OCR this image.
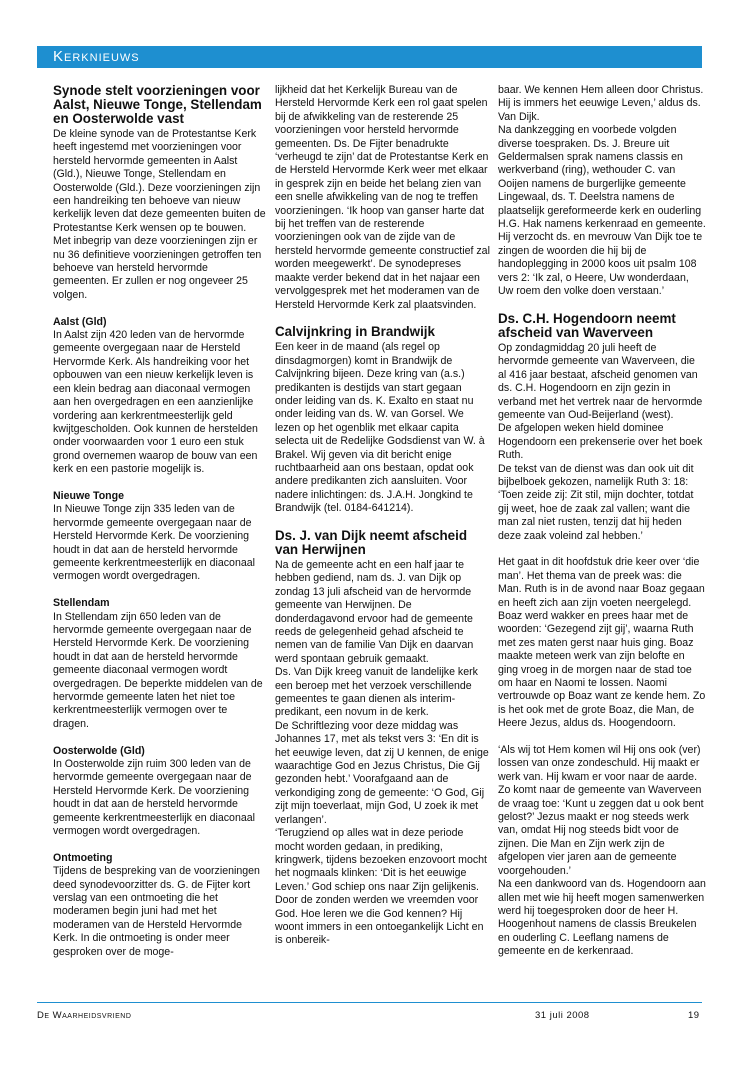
Kerknieuws
Synode stelt voorzieningen voor Aalst, Nieuwe Tonge, Stellendam en Oosterwolde vast

De kleine synode van de Protestantse Kerk heeft ingestemd met voorzieningen voor hersteld hervormde gemeenten in Aalst (Gld.), Nieuwe Tonge, Stellendam en Oosterwolde (Gld.). Deze voorzieningen zijn een handreiking ten behoeve van nieuw kerkelijk leven dat deze gemeenten buiten de Protestantse Kerk wensen op te bouwen. Met inbegrip van deze voorzieningen zijn er nu 36 definitieve voorzieningen getroffen ten behoeve van hersteld hervormde gemeenten. Er zullen er nog ongeveer 25 volgen.

Aalst (Gld)

In Aalst zijn 420 leden van de hervormde gemeente overgegaan naar de Hersteld Hervormde Kerk. Als handreiking voor het opbouwen van een nieuw kerkelijk leven is een klein bedrag aan diaconaal vermogen aan hen overgedragen en een aanzienlijke vordering aan kerkrentmeesterlijk geld kwijtgescholden. Ook kunnen de herstelden onder voorwaarden voor 1 euro een stuk grond overnemen waarop de bouw van een kerk en een pastorie mogelijk is.

Nieuwe Tonge

In Nieuwe Tonge zijn 335 leden van de hervormde gemeente overgegaan naar de Hersteld Hervormde Kerk. De voorziening houdt in dat aan de hersteld hervormde gemeente kerkrentmeesterlijk en diaconaal vermogen wordt overgedragen.

Stellendam

In Stellendam zijn 650 leden van de hervormde gemeente overgegaan naar de Hersteld Hervormde Kerk. De voorziening houdt in dat aan de hersteld hervormde gemeente diaconaal vermogen wordt overgedragen. De beperkte middelen van de hervormde gemeente laten het niet toe kerkrentmeesterlijk vermogen over te dragen.

Oosterwolde (Gld)

In Oosterwolde zijn ruim 300 leden van de hervormde gemeente overgegaan naar de Hersteld Hervormde Kerk. De voorziening houdt in dat aan de hersteld hervormde gemeente kerkrentmeesterlijk en diaconaal vermogen wordt overgedragen.

Ontmoeting

Tijdens de bespreking van de voorzieningen deed synodevoorzitter ds. G. de Fijter kort verslag van een ontmoeting die het moderamen begin juni had met het moderamen van de Hersteld Hervormde Kerk. In die ontmoeting is onder meer gesproken over de moge-

lijkheid dat het Kerkelijk Bureau van de Hersteld Hervormde Kerk een rol gaat spelen bij de afwikkeling van de resterende 25 voorzieningen voor hersteld hervormde gemeenten. Ds. De Fijter benadrukte ‘verheugd te zijn’ dat de Protestantse Kerk en de Hersteld Hervormde Kerk weer met elkaar in gesprek zijn en beide het belang zien van een snelle afwikkeling van de nog te treffen voorzieningen. ‘Ik hoop van ganser harte dat bij het treffen van de resterende voorzieningen ook van de zijde van de hersteld hervormde gemeente constructief zal worden meegewerkt’. De synodepreses maakte verder bekend dat in het najaar een vervolggesprek met het moderamen van de Hersteld Hervormde Kerk zal plaatsvinden.

Calvijnkring in Brandwijk

Een keer in de maand (als regel op dinsdagmorgen) komt in Brandwijk de Calvijnkring bijeen. Deze kring van (a.s.) predikanten is destijds van start gegaan onder leiding van ds. K. Exalto en staat nu onder leiding van ds. W. van Gorsel. We lezen op het ogenblik met elkaar capita selecta uit de Redelijke Godsdienst van W. à Brakel. Wij geven via dit bericht enige ruchtbaarheid aan ons bestaan, opdat ook andere predikanten zich aansluiten. Voor nadere inlichtingen: ds. J.A.H. Jongkind te Brandwijk (tel. 0184-641214).

Ds. J. van Dijk neemt afscheid van Herwijnen

Na de gemeente acht en een half jaar te hebben gediend, nam ds. J. van Dijk op zondag 13 juli afscheid van de hervormde gemeente van Herwijnen. De donderdagavond ervoor had de gemeente reeds de gelegenheid gehad afscheid te nemen van de familie Van Dijk en daarvan werd spontaan gebruik gemaakt.

Ds. Van Dijk kreeg vanuit de landelijke kerk een beroep met het verzoek verschillende gemeentes te gaan dienen als interim-predikant, een novum in de kerk.

De Schriftlezing voor deze middag was Johannes 17, met als tekst vers 3: ‘En dit is het eeuwige leven, dat zij U kennen, de enige waarachtige God en Jezus Christus, Die Gij gezonden hebt.’ Voorafgaand aan de verkondiging zong de gemeente: ‘O God, Gij zijt mijn toeverlaat, mijn God, U zoek ik met verlangen’.

‘Terugziend op alles wat in deze periode mocht worden gedaan, in prediking, kringwerk, tijdens bezoeken enzovoort mocht het nogmaals klinken: ‘Dit is het eeuwige Leven.’ God schiep ons naar Zijn gelijkenis. Door de zonden werden we vreemden voor God. Hoe leren we die God kennen? Hij woont immers in een ontoegankelijk Licht en is onbereik-

baar. We kennen Hem alleen door Christus. Hij is immers het eeuwige Leven,’ aldus ds. Van Dijk.

Na dankzegging en voorbede volgden diverse toespraken. Ds. J. Breure uit Geldermalsen sprak namens classis en werkverband (ring), wethouder C. van Ooijen namens de burgerlijke gemeente Lingewaal, ds. T. Deelstra namens de plaatselijk gereformeerde kerk en ouderling H.G. Hak namens kerkenraad en gemeente. Hij verzocht ds. en mevrouw Van Dijk toe te zingen de woorden die hij bij de handoplegging in 2000 koos uit psalm 108 vers 2: ‘Ik zal, o Heere, Uw wonderdaan, Uw roem den volke doen verstaan.’

Ds. C.H. Hogendoorn neemt afscheid van Waverveen

Op zondagmiddag 20 juli heeft de hervormde gemeente van Waverveen, die al 416 jaar bestaat, afscheid genomen van ds. C.H. Hogendoorn en zijn gezin in verband met het vertrek naar de hervormde gemeente van Oud-Beijerland (west).

De afgelopen weken hield dominee Hogendoorn een prekenserie over het boek Ruth.

De tekst van de dienst was dan ook uit dit bijbelboek gekozen, namelijk Ruth 3: 18: ‘Toen zeide zij: Zit stil, mijn dochter, totdat gij weet, hoe de zaak zal vallen; want die man zal niet rusten, tenzij dat hij heden deze zaak voleind zal hebben.’

Het gaat in dit hoofdstuk drie keer over ‘die man’. Het thema van de preek was: die Man. Ruth is in de avond naar Boaz gegaan en heeft zich aan zijn voeten neergelegd. Boaz werd wakker en prees haar met de woorden: ‘Gezegend zijt gij’, waarna Ruth met zes maten gerst naar huis ging. Boaz maakte meteen werk van zijn belofte en ging vroeg in de morgen naar de stad toe om haar en Naomi te lossen. Naomi vertrouwde op Boaz want ze kende hem. Zo is het ook met de grote Boaz, die Man, de Heere Jezus, aldus ds. Hoogendoorn.

‘Als wij tot Hem komen wil Hij ons ook (ver) lossen van onze zondeschuld. Hij maakt er werk van. Hij kwam er voor naar de aarde. Zo komt naar de gemeente van Waverveen de vraag toe: ‘Kunt u zeggen dat u ook bent gelost?’ Jezus maakt er nog steeds werk van, omdat Hij nog steeds bidt voor de zijnen. Die Man en Zijn werk zijn de afgelopen vier jaren aan de gemeente voorgehouden.’

Na een dankwoord van ds. Hogendoorn aan allen met wie hij heeft mogen samenwerken werd hij toegesproken door de heer H. Hoogenhout namens de classis Breukelen en ouderling C. Leeflang namens de gemeente en de kerkenraad.

De Waarheidsvriend	31 juli 2008	19
